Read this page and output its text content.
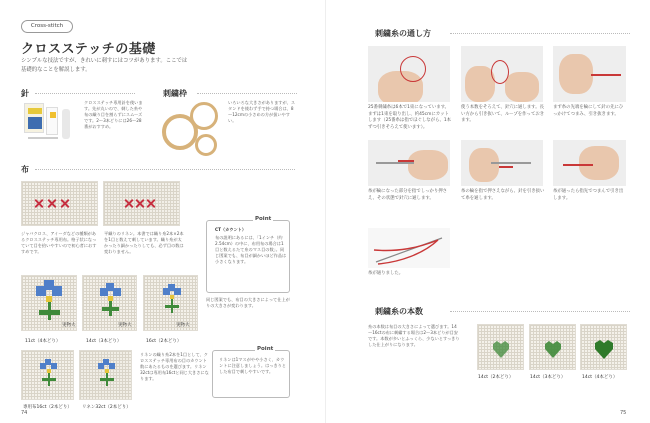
Cross-stitch
クロスステッチの基礎
シンプルな技法ですが、きれいに刺すにはコツがあります。ここでは基礎的なことを解説します。
針
クロスステッチ専用針を使います。先が丸いので、刺した糸や布の織り目を割らずにスムーズです。2～3本どりには26～28番がおすすめ。
刺繍枠
いろいろな大きさがありますが、スタンドを使わず手で持つ場合は、8～12cmの小さめの方が扱いやすい。
布
ジャバクロス、アイーダなどの種類があるクロスステッチ専用布。格子状になっていて目を拾いやすいので初心者におすすめです。
平織りのリネン。本書では織り糸2本×2本を1目と数えて刺しています。織り糸が太かったり細かったりしても、必ず目の数は変わりません。
実物大	実物大	実物大
11ct（4本どり）	14ct（3本どり）	16ct（2本どり）
Point
CT（カウント）
布の説明にあるには、「1インチ（約2.54cm）の中に、布用布の場合は1目と数えるたて糸のマス目の数」。同じ図案でも、布目が細かいほど作品は小さくなります。
同じ図案でも、布目の大きさによって仕上がりの大きさが変わります。
専用布16ct（2本どり） リネン32ct（2本どり）
リネンの織り糸2本を1目として、クロスステッチ専用布の目のカウント数にあたるものを選びます。リネン32ctは専用布16ctと同じ大きさになります。
Point
リネンは1マスがやや小さく、カウントに注意しましょう。はっきりとした布目で刺しやすいです。
74
刺繍糸の通し方
25番刺繍糸は6本で1束になっています。まずは1束を取り出し、約45cmにカットします（25番糸は指でほぐしながら、1本ずつ引きそろえて使います）。
使う本数をそろえて、針穴に通します。長い方から引き抜いて、ループを作っておきます。
まず糸の先端を輪にして針の先にひっかけてつまみ、引き抜きます。
糸が輪になった部分を指でしっかり押さえ、その状態で針穴に通します。
糸の輪を指で押さえながら、針を引き抜いて糸を通します。
糸が通ったら指先でつまんで引き出します。
糸が通りました。
刺繍糸の本数
糸の本数は布目の大きさによって選びます。14～16ctの布に刺繍する場合は2～3本どりが目安です。本数が多いとふっくら、少ないとすっきりした仕上がりになります。
14ct（2本どり）	14ct（3本どり）	14ct（4本どり）
75
